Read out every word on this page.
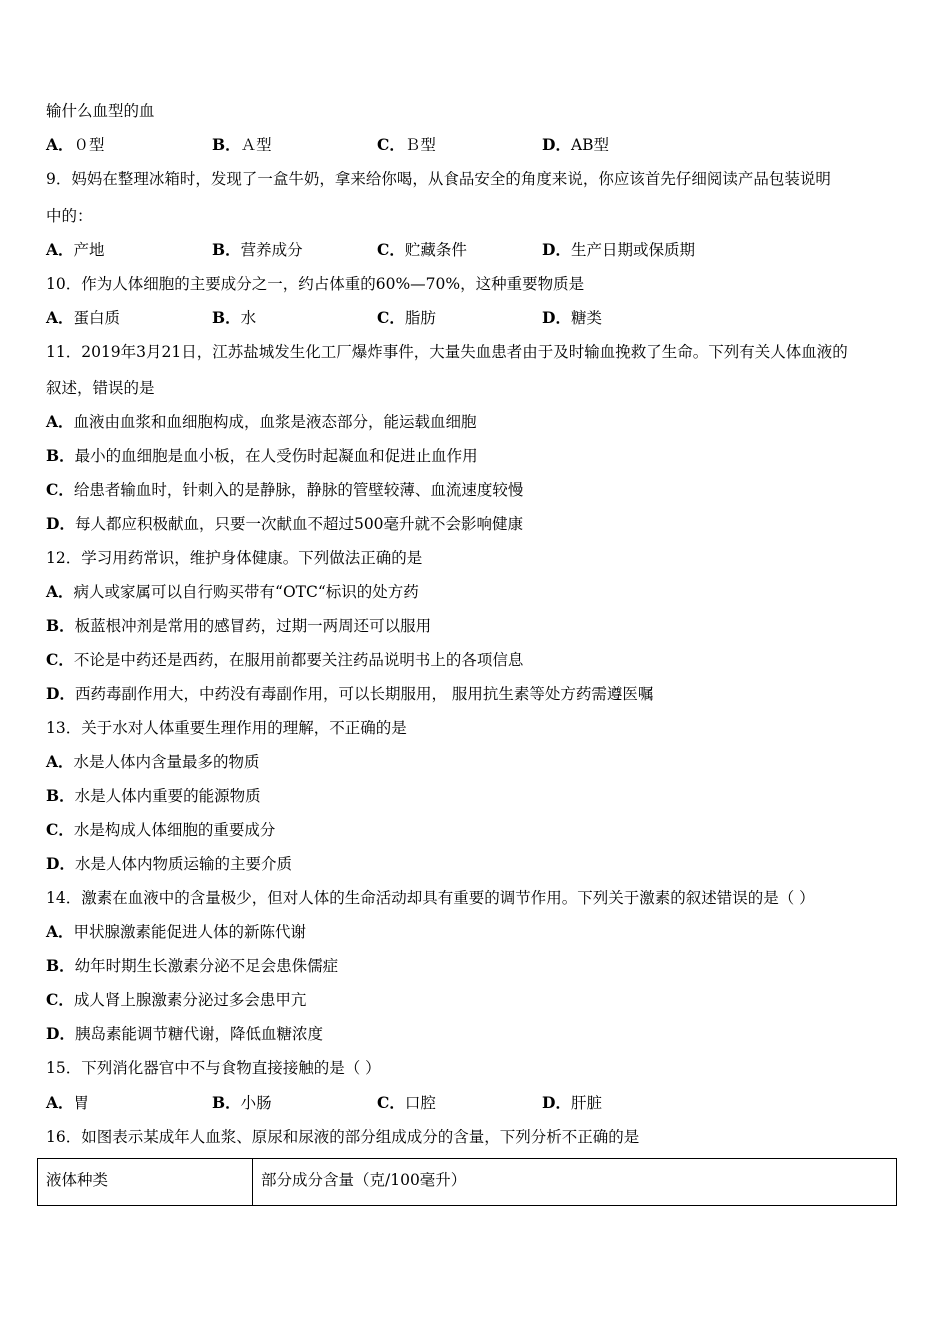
输什么血型的血
A．０型	B．Ａ型	C．Ｂ型	D．AB型
9．妈妈在整理冰箱时，发现了一盒牛奶，拿来给你喝，从食品安全的角度来说，你应该首先仔细阅读产品包装说明
中的：
A．产地	B．营养成分	C．贮藏条件	D．生产日期或保质期
10．作为人体细胞的主要成分之一，约占体重的60%—70%，这种重要物质是
A．蛋白质	B．水	C．脂肪	D．糖类
11．2019年3月21日，江苏盐城发生化工厂爆炸事件，大量失血患者由于及时输血挽救了生命。下列有关人体血液的
叙述，错误的是
A．血液由血浆和血细胞构成，血浆是液态部分，能运载血细胞
B．最小的血细胞是血小板，在人受伤时起凝血和促进止血作用
C．给患者输血时，针刺入的是静脉，静脉的管壁较薄、血流速度较慢
D．每人都应积极献血，只要一次献血不超过500毫升就不会影响健康
12．学习用药常识，维护身体健康。下列做法正确的是
A．病人或家属可以自行购买带有“OTC“标识的处方药
B．板蓝根冲剂是常用的感冒药，过期一两周还可以服用
C．不论是中药还是西药，在服用前都要关注药品说明书上的各项信息
D．西药毒副作用大，中药没有毒副作用，可以长期服用， 服用抗生素等处方药需遵医嘱
13．关于水对人体重要生理作用的理解，不正确的是
A．水是人体内含量最多的物质
B．水是人体内重要的能源物质
C．水是构成人体细胞的重要成分
D．水是人体内物质运输的主要介质
14．激素在血液中的含量极少，但对人体的生命活动却具有重要的调节作用。下列关于激素的叙述错误的是（ ）
A．甲状腺激素能促进人体的新陈代谢
B．幼年时期生长激素分泌不足会患侏儒症
C．成人肾上腺激素分泌过多会患甲亢
D．胰岛素能调节糖代谢，降低血糖浓度
15．下列消化器官中不与食物直接接触的是（ ）
A．胃	B．小肠	C．口腔	D．肝脏
16．如图表示某成年人血浆、原尿和尿液的部分组成成分的含量，下列分析不正确的是
液体种类	部分成分含量（克/100毫升）
